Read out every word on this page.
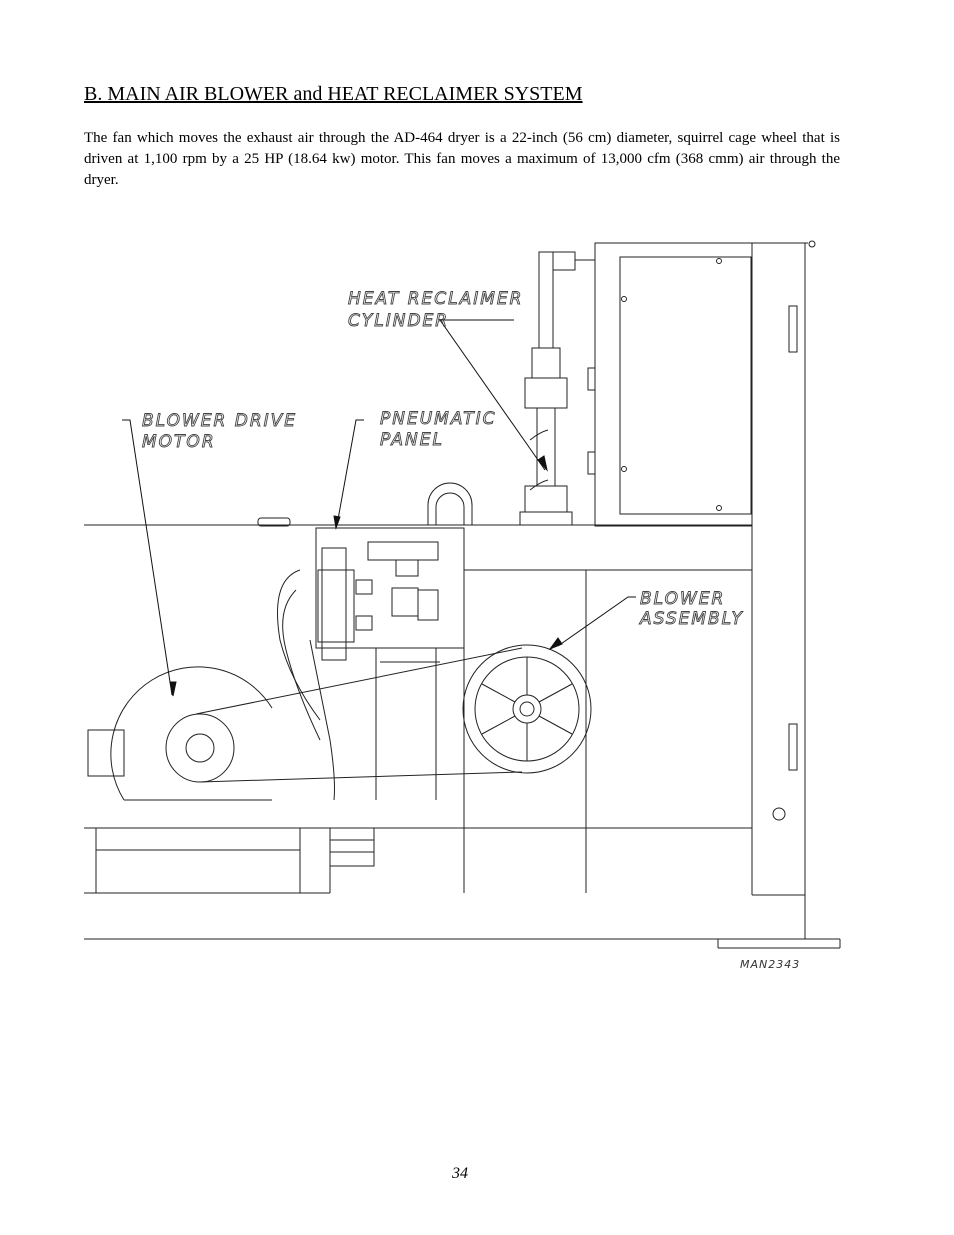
B. MAIN AIR BLOWER and HEAT RECLAIMER SYSTEM

The fan which moves the exhaust air through the AD-464 dryer is a 22-inch (56 cm) diameter, squirrel cage wheel that is driven at 1,100 rpm by a 25 HP (18.64 kw) motor. This fan moves a maximum of 13,000 cfm (368 cmm) air through the dryer.

HEAT RECLAIMER
CYLINDER
BLOWER DRIVE
MOTOR
PNEUMATIC
PANEL
BLOWER
ASSEMBLY
MAN2343
34
